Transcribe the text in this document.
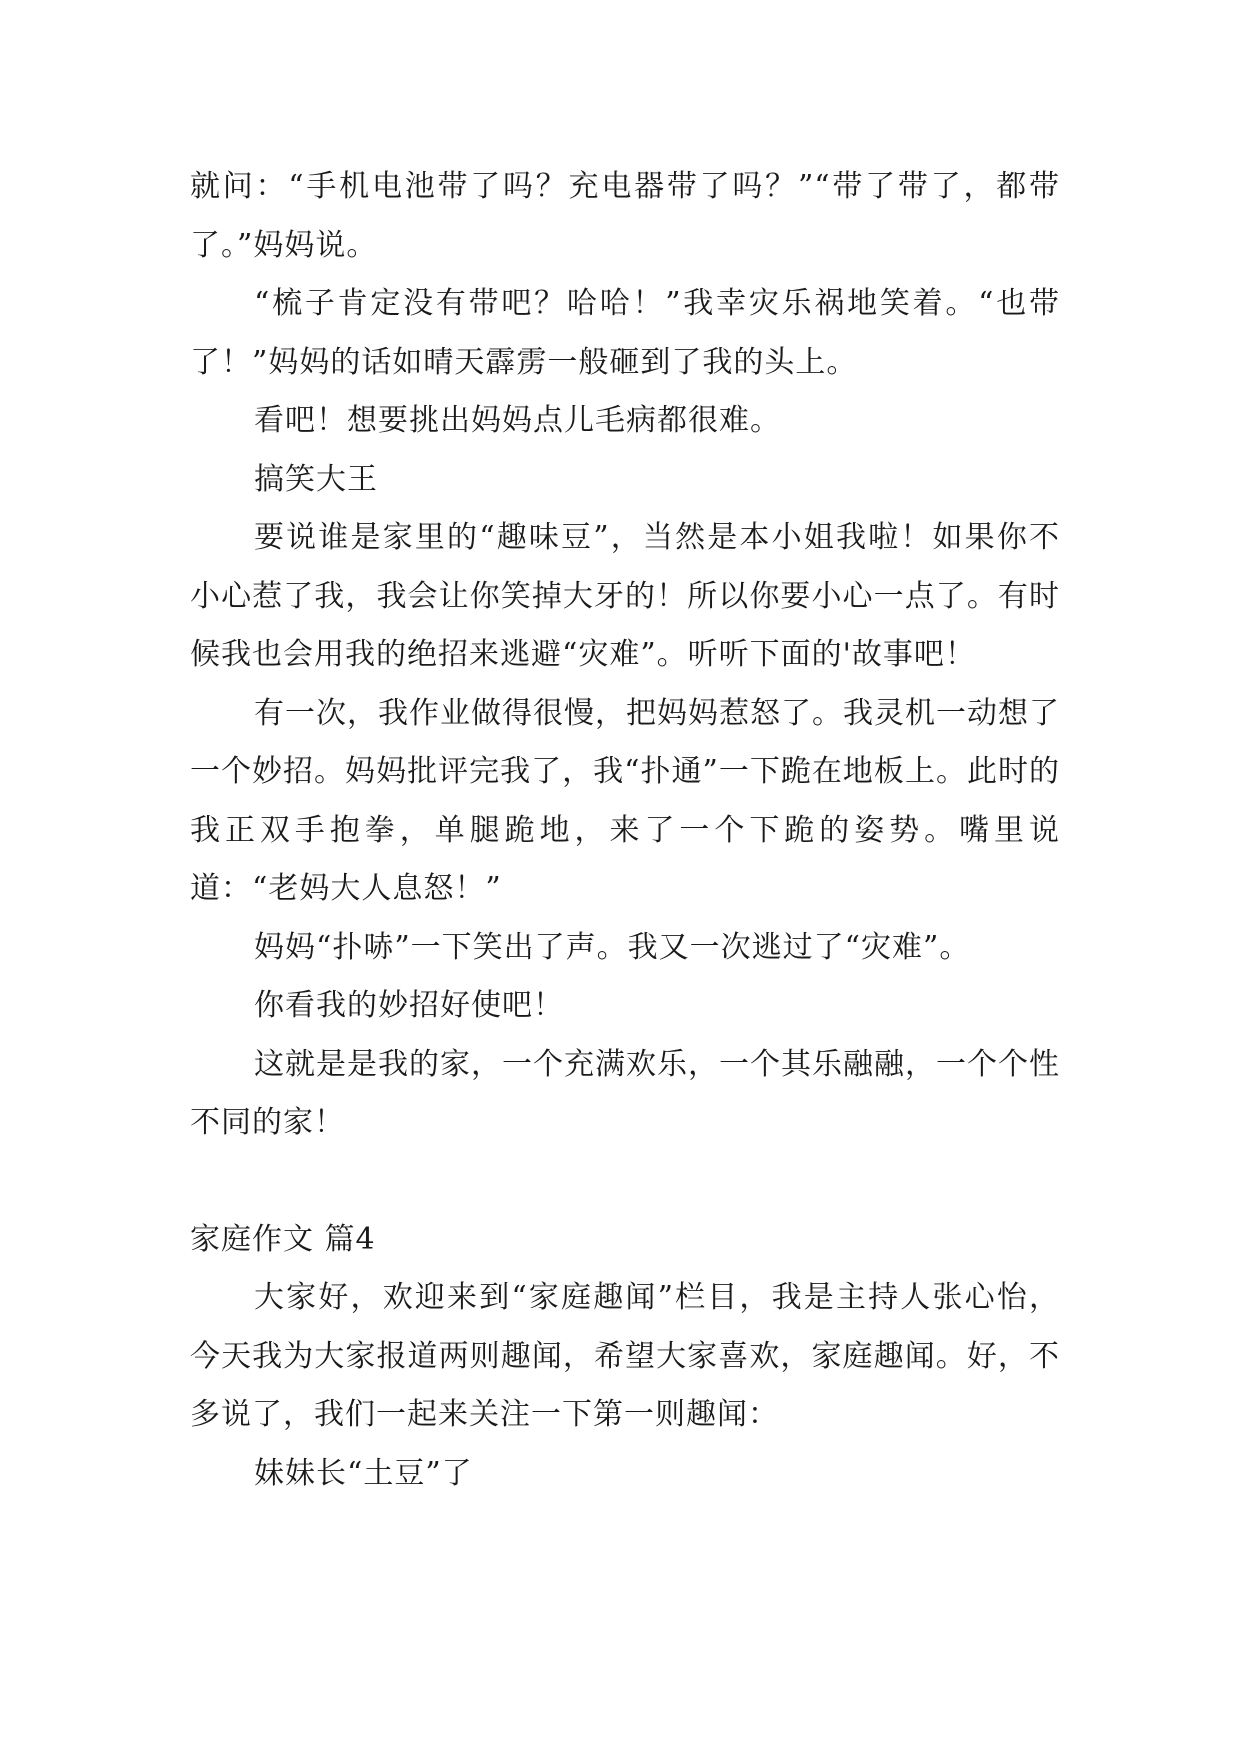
就问：“手机电池带了吗？充电器带了吗？”“带了带了，都带了。”妈妈说。

“梳子肯定没有带吧？哈哈！”我幸灾乐祸地笑着。“也带了！”妈妈的话如晴天霹雳一般砸到了我的头上。

看吧！想要挑出妈妈点儿毛病都很难。

搞笑大王

要说谁是家里的“趣味豆”，当然是本小姐我啦！如果你不小心惹了我，我会让你笑掉大牙的！所以你要小心一点了。有时候我也会用我的绝招来逃避“灾难”。听听下面的'故事吧！

有一次，我作业做得很慢，把妈妈惹怒了。我灵机一动想了一个妙招。妈妈批评完我了，我“扑通”一下跪在地板上。此时的我正双手抱拳，单腿跪地，来了一个下跪的姿势。嘴里说道：“老妈大人息怒！”

妈妈“扑哧”一下笑出了声。我又一次逃过了“灾难”。

你看我的妙招好使吧！

这就是是我的家，一个充满欢乐，一个其乐融融，一个个性不同的家！

家庭作文 篇4

大家好，欢迎来到“家庭趣闻”栏目，我是主持人张心怡，今天我为大家报道两则趣闻，希望大家喜欢，家庭趣闻。好，不多说了，我们一起来关注一下第一则趣闻：

妹妹长“土豆”了
